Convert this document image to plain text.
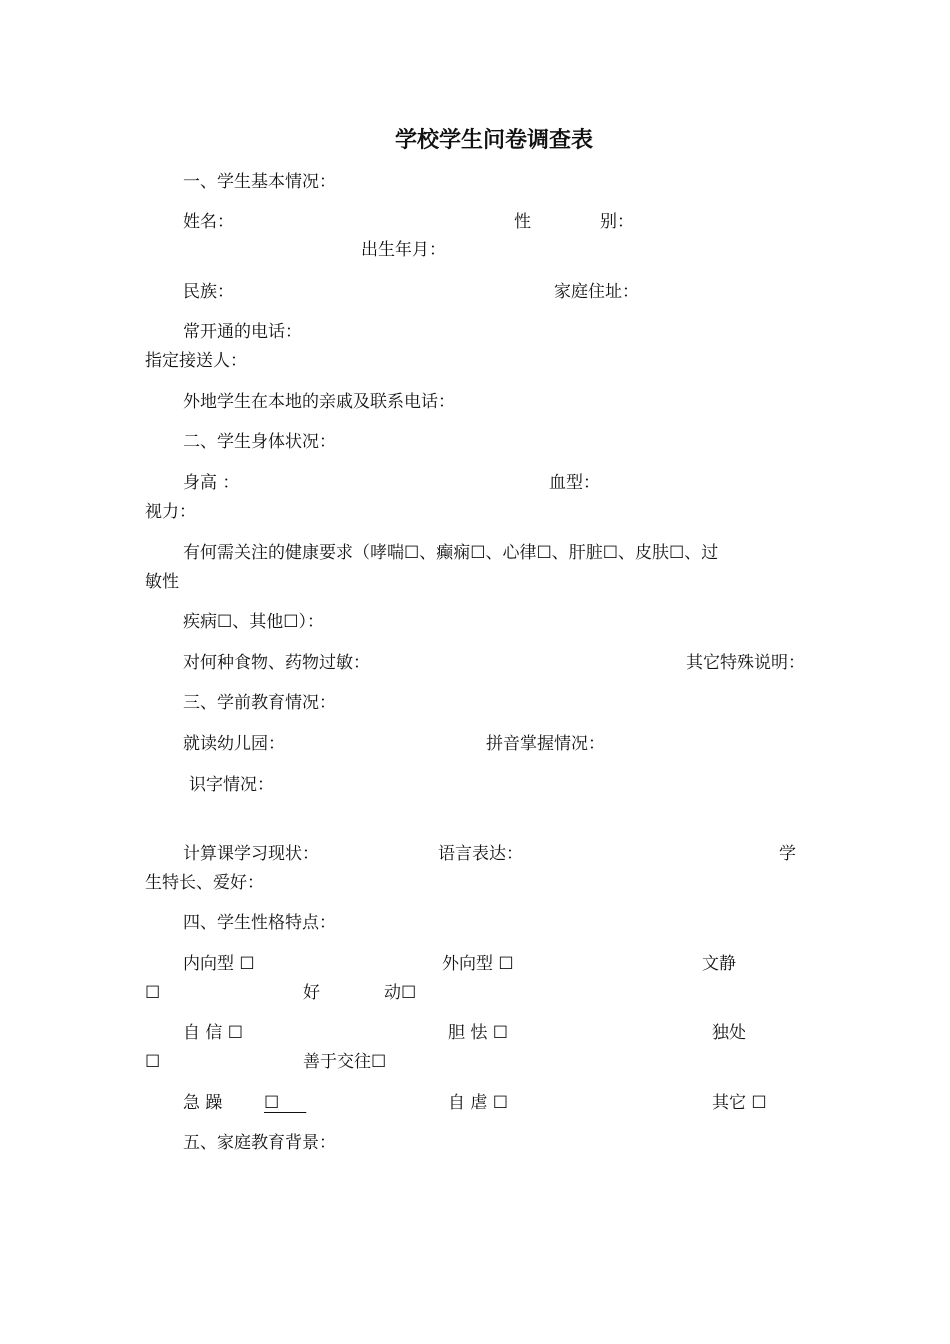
学校学生问卷调查表
一、学生基本情况：
姓名：	性	别：
出生年月：
民族：	家庭住址：
常开通的电话：
指定接送人：
外地学生在本地的亲戚及联系电话：
二、学生身体状况：
身高 ：	血型：
视力：
有何需关注的健康要求（哮喘☐、癫痫☐、心律☐、肝脏☐、皮肤☐、过
敏性
疾病☐、其他☐）：
对何种食物、药物过敏：	其它特殊说明：
三、学前教育情况：
就读幼儿园：	拼音掌握情况：
识字情况：
计算课学习现状：	语言表达：	学
生特长、爱好：
四、学生性格特点：
内向型 ☐	外向型 ☐	文静
☐	好	动☐
自 信 ☐	胆 怯 ☐	独处
☐	善于交往☐
急 躁 ☐	自 虐 ☐	其它 ☐
五、家庭教育背景：
